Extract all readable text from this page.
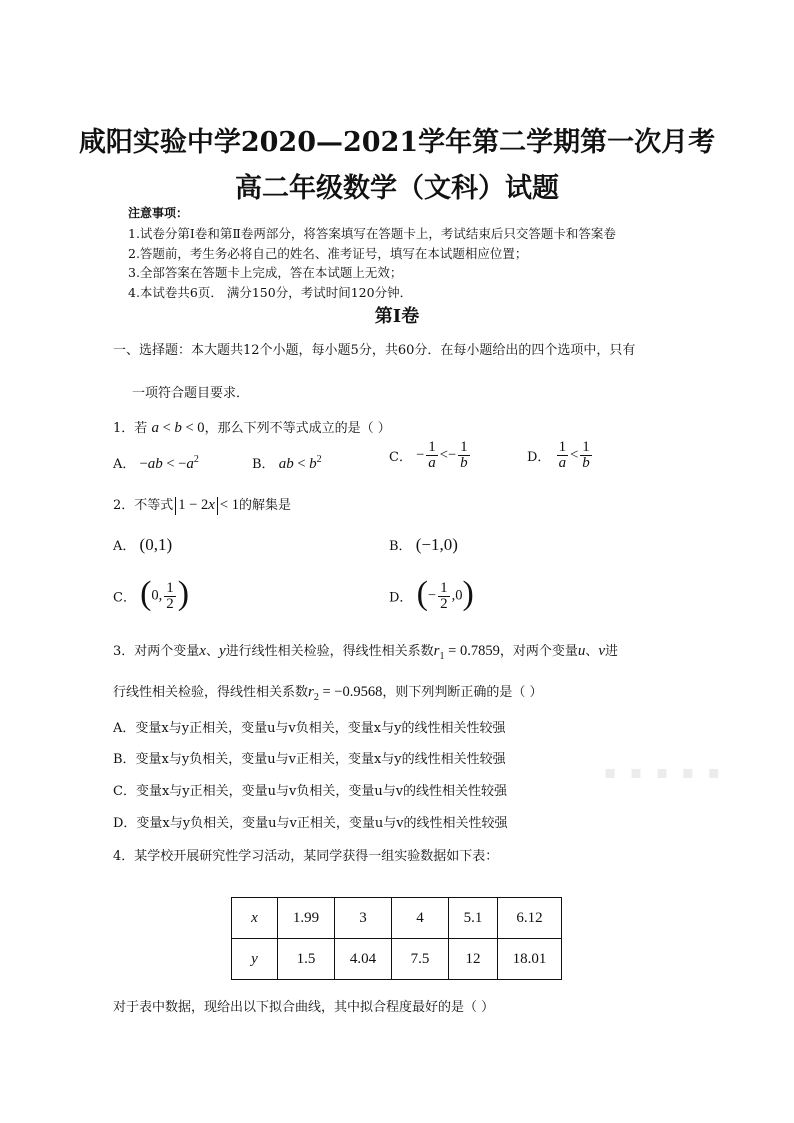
咸阳实验中学2020—2021学年第二学期第一次月考
高二年级数学（文科）试题
注意事项：
1.试卷分第Ⅰ卷和第Ⅱ卷两部分，将答案填写在答题卡上，考试结束后只交答题卡和答案卷
2.答题前，考生务必将自己的姓名、准考证号，填写在本试题相应位置；
3.全部答案在答题卡上完成，答在本试题上无效；
4.本试卷共6页． 满分150分，考试时间120分钟．
第Ⅰ卷
一、选择题：本大题共12个小题，每小题5分，共60分．在每小题给出的四个选项中，只有
一项符合题目要求．
1．若 a < b < 0，那么下列不等式成立的是（ ）
A． $-ab < -a^2$	B． ab < $b^2$	C． − $\frac{1}{a} <- \frac{1}{b}$	D． $\frac{1}{a} < \frac{1}{b}$
2．不等式 1 − 2x < 1的解集是
A． (0,1)	B． (−1,0)
C． (0, $\frac{1}{2}$ )	D． (− $\frac{1}{2} ,0$)
3．对两个变量x、y进行线性相关检验，得线性相关系数$r_1 = 0.7859$，对两个变量u、v进
行线性相关检验，得线性相关系数$r_2 = -0.9568$，则下列判断正确的是（ ）
A．变量x与y正相关，变量u与v负相关，变量x与y的线性相关性较强
B．变量x与y负相关，变量u与v正相关，变量x与y的线性相关性较强
C．变量x与y正相关，变量u与v负相关，变量u与v的线性相关性较强
D．变量x与y负相关，变量u与v正相关，变量u与v的线性相关性较强
▪ ▪ ▪ ▪ ▪
4．某学校开展研究性学习活动，某同学获得一组实验数据如下表：
x	1.99	3	4	5.1	6.12
y	1.5	4.04	7.5	12	18.01
对于表中数据，现给出以下拟合曲线，其中拟合程度最好的是（ ）
